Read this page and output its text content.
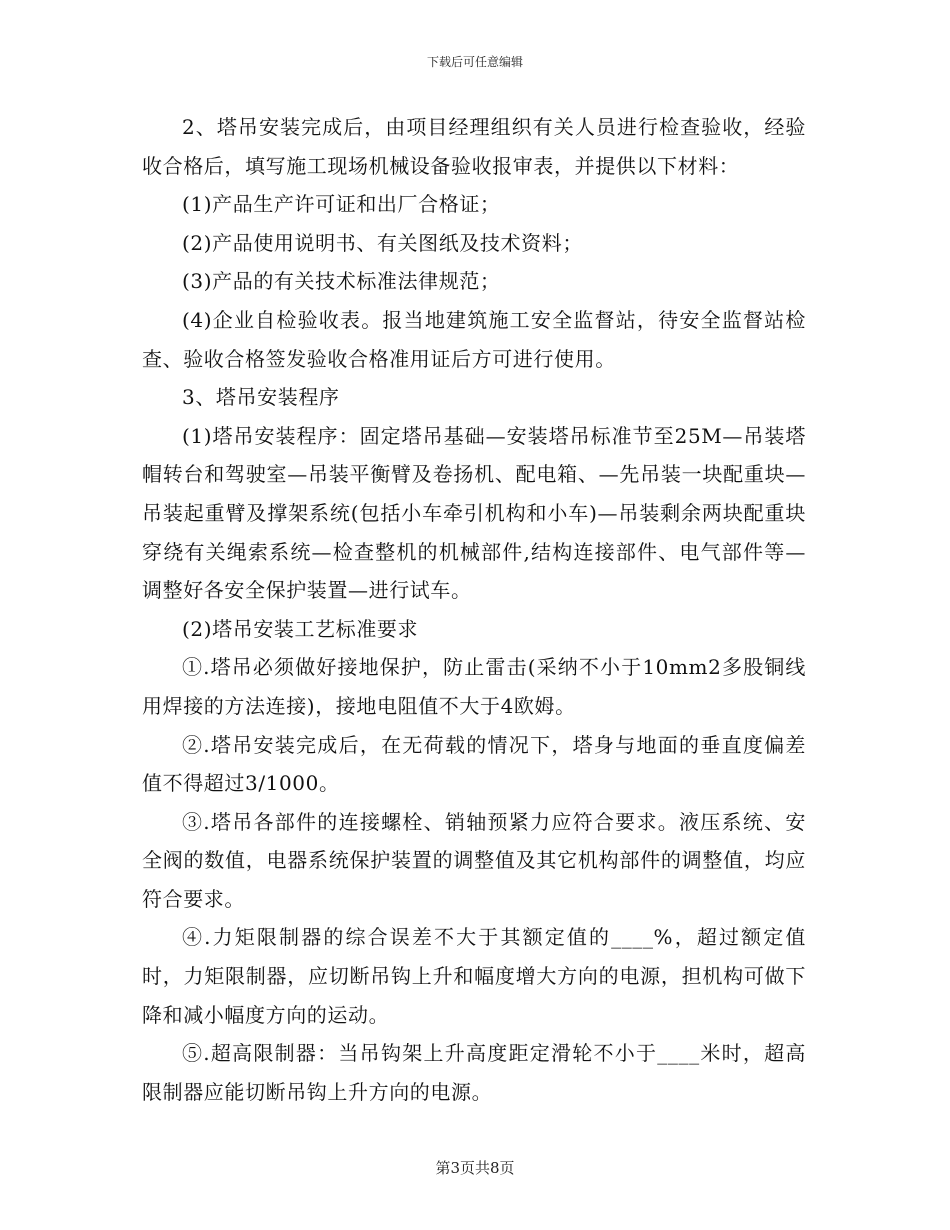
下载后可任意编辑

2、塔吊安装完成后，由项目经理组织有关人员进行检查验收，经验收合格后，填写施工现场机械设备验收报审表，并提供以下材料：

(1)产品生产许可证和出厂合格证；

(2)产品使用说明书、有关图纸及技术资料；

(3)产品的有关技术标准法律规范；

(4)企业自检验收表。报当地建筑施工安全监督站，待安全监督站检查、验收合格签发验收合格准用证后方可进行使用。

3、塔吊安装程序

(1)塔吊安装程序：固定塔吊基础—安装塔吊标准节至25M—吊装塔帽转台和驾驶室—吊装平衡臂及卷扬机、配电箱、—先吊装一块配重块—吊装起重臂及撑架系统(包括小车牵引机构和小车)—吊装剩余两块配重块穿绕有关绳索系统—检查整机的机械部件,结构连接部件、电气部件等—调整好各安全保护装置—进行试车。

(2)塔吊安装工艺标准要求

①.塔吊必须做好接地保护，防止雷击(采纳不小于10mm2多股铜线用焊接的方法连接)，接地电阻值不大于4欧姆。

②.塔吊安装完成后，在无荷载的情况下，塔身与地面的垂直度偏差值不得超过3/1000。

③.塔吊各部件的连接螺栓、销轴预紧力应符合要求。液压系统、安全阀的数值，电器系统保护装置的调整值及其它机构部件的调整值，均应符合要求。

④.力矩限制器的综合误差不大于其额定值的____%，超过额定值时，力矩限制器，应切断吊钩上升和幅度增大方向的电源，担机构可做下降和减小幅度方向的运动。

⑤.超高限制器：当吊钩架上升高度距定滑轮不小于____米时，超高限制器应能切断吊钩上升方向的电源。

第3页共8页
